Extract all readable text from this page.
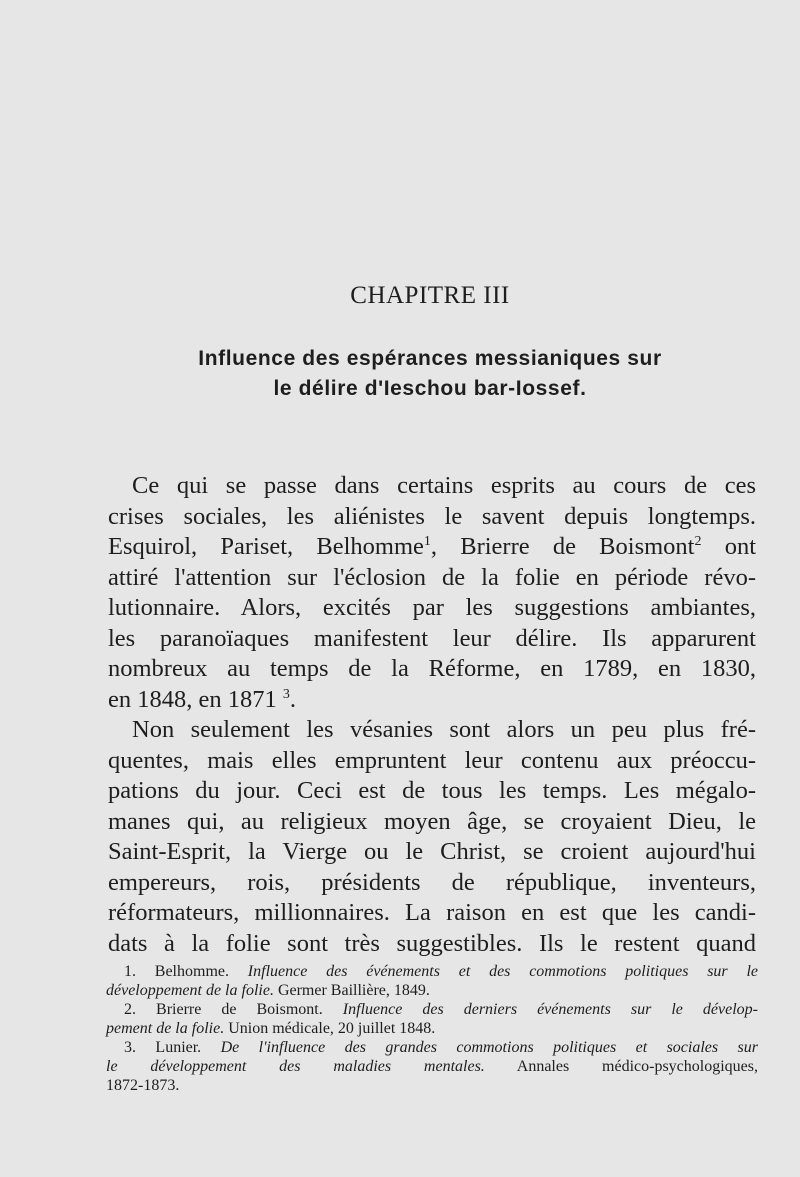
CHAPITRE III
Influence des espérances messianiques sur
le délire d'Ieschou bar-Iossef.
Ce qui se passe dans certains esprits au cours de ces
crises sociales, les aliénistes le savent depuis longtemps.
Esquirol, Pariset, Belhomme$^1$, Brierre de Boismont$^2$ ont
attiré l'attention sur l'éclosion de la folie en période révo-
lutionnaire. Alors, excités par les suggestions ambiantes,
les paranoïaques manifestent leur délire. Ils apparurent
nombreux au temps de la Réforme, en 1789, en 1830,
en 1848, en 1871 $^3$.
Non seulement les vésanies sont alors un peu plus fré-
quentes, mais elles empruntent leur contenu aux préoccu-
pations du jour. Ceci est de tous les temps. Les mégalo-
manes qui, au religieux moyen âge, se croyaient Dieu, le
Saint-Esprit, la Vierge ou le Christ, se croient aujourd'hui
empereurs, rois, présidents de république, inventeurs,
réformateurs, millionnaires. La raison en est que les candi-
dats à la folie sont très suggestibles. Ils le restent quand
1. Belhomme. Influence des événements et des commotions politiques sur le
développement de la folie. Germer Baillière, 1849.
2. Brierre de Boismont. Influence des derniers événements sur le dévelop-
pement de la folie. Union médicale, 20 juillet 1848.
3. Lunier. De l'influence des grandes commotions politiques et sociales sur
le développement des maladies mentales. Annales médico-psychologiques,
1872-1873.
